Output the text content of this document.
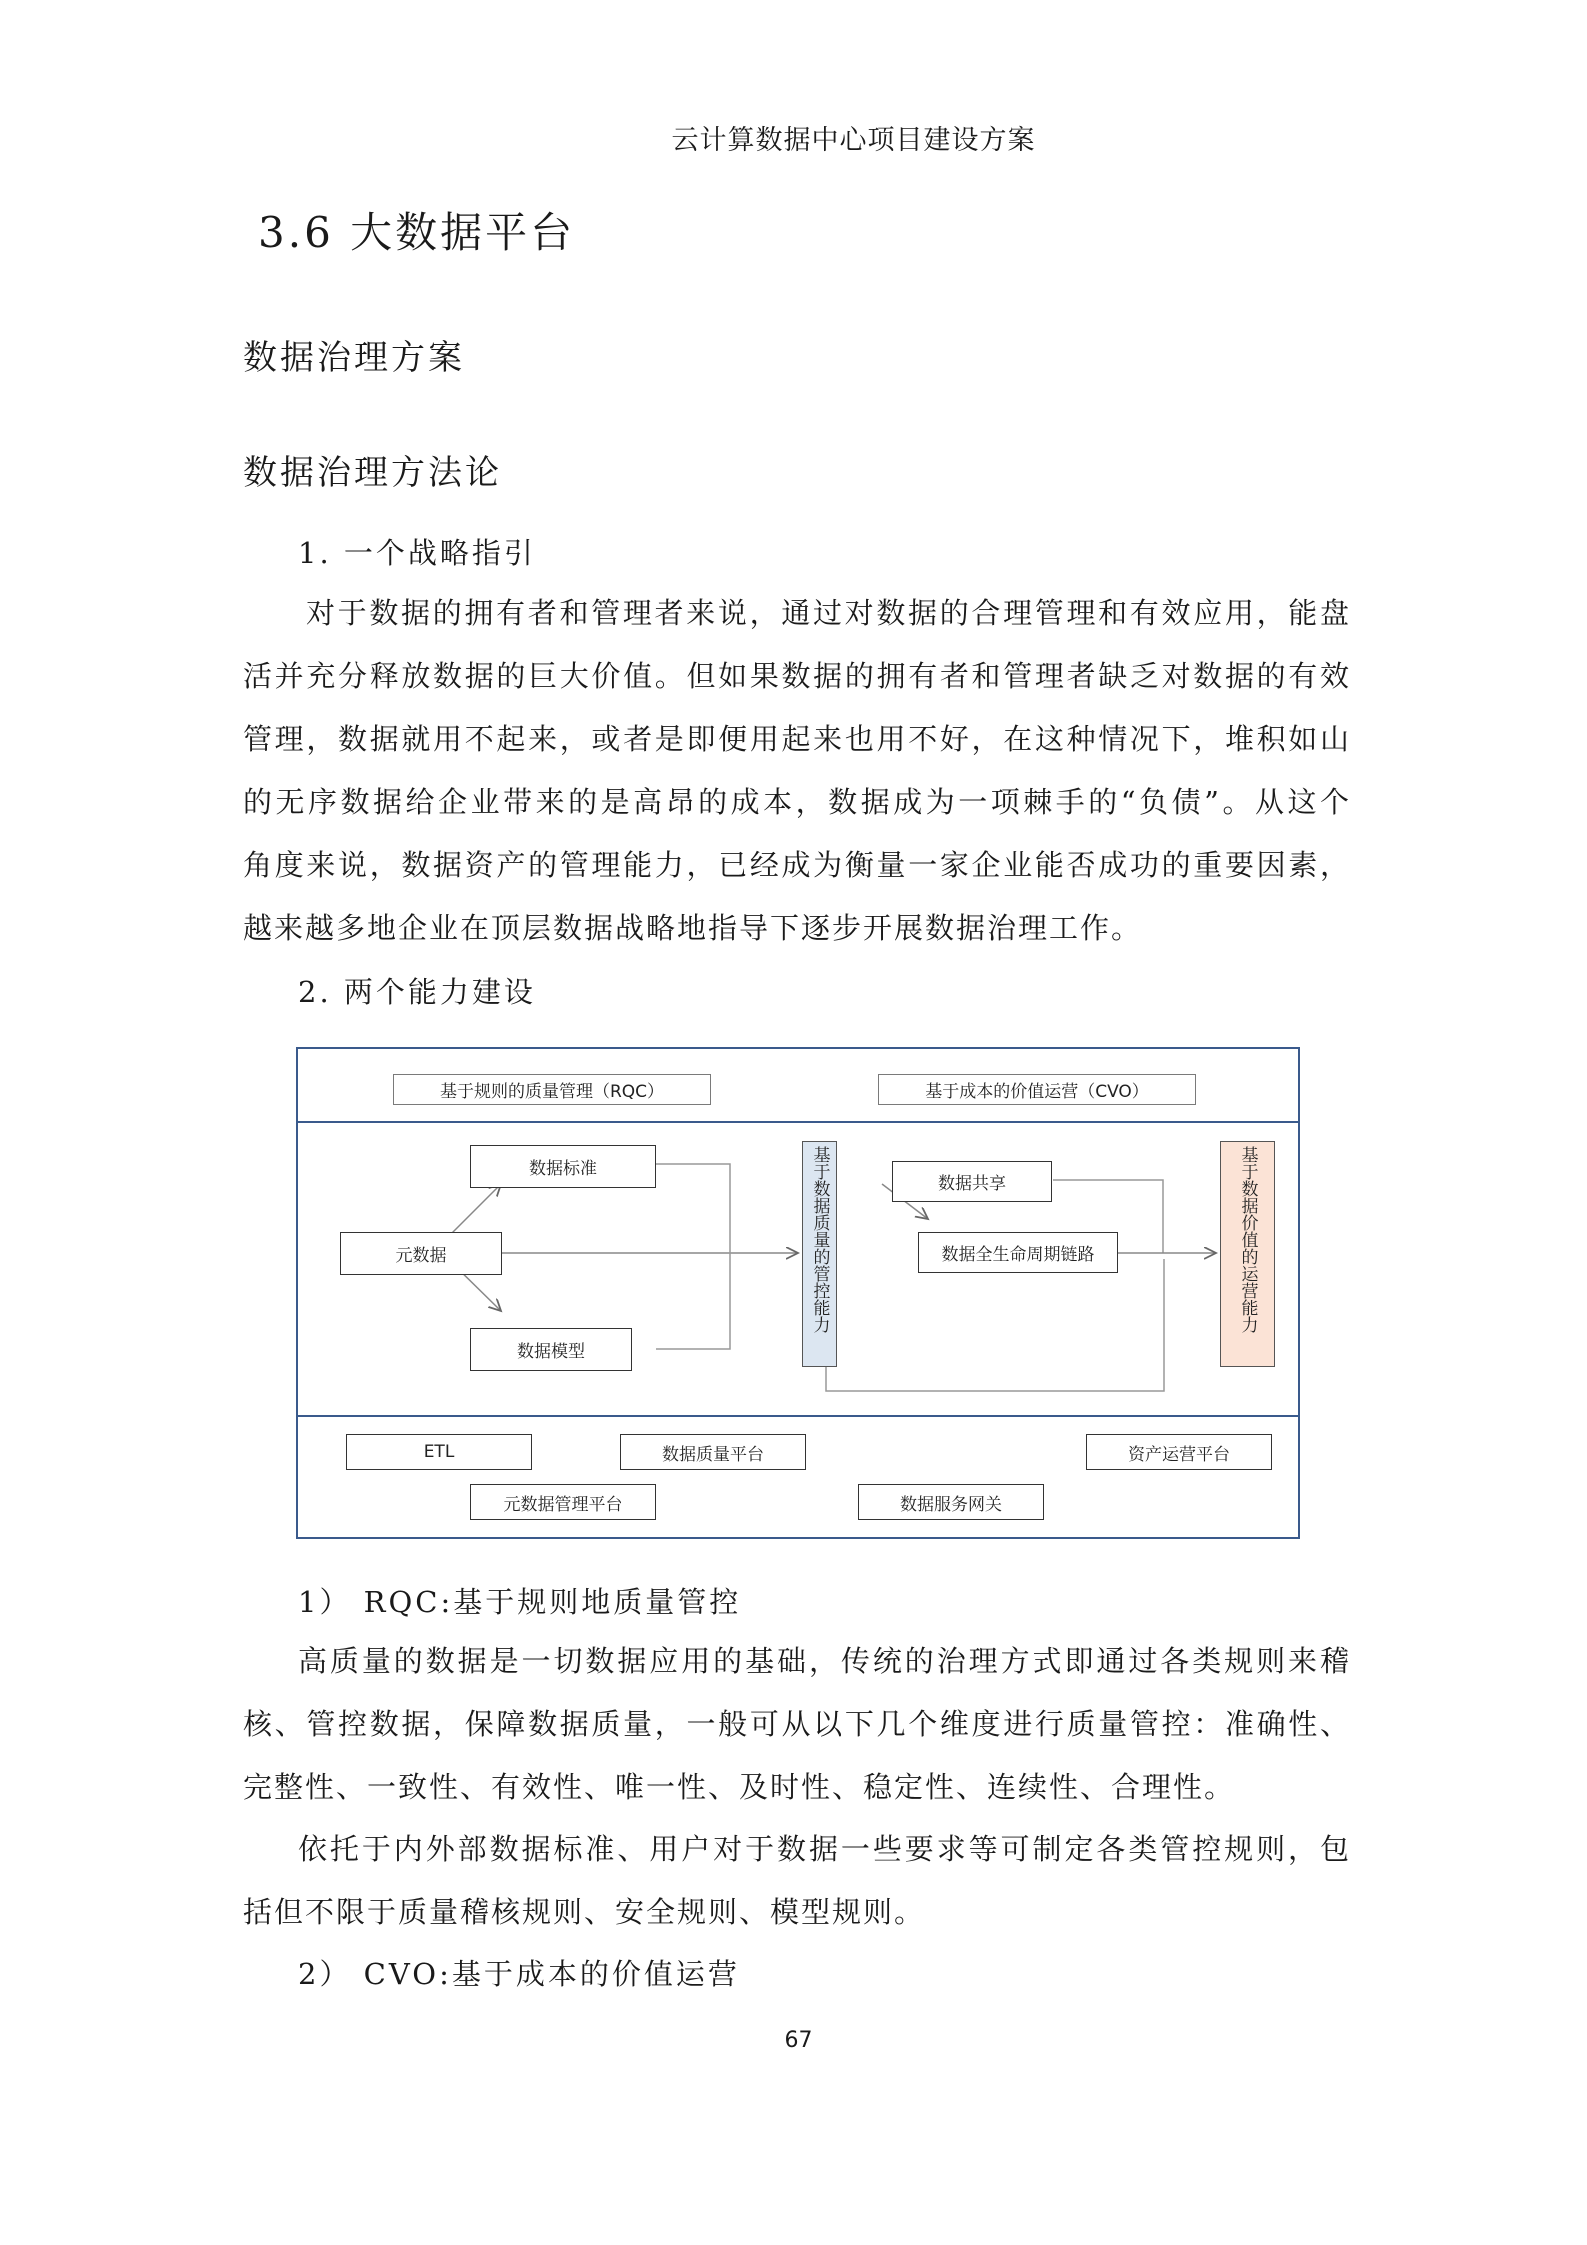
云计算数据中心项目建设方案
3.6 大数据平台
数据治理方案
数据治理方法论
1. 一个战略指引
对于数据的拥有者和管理者来说，通过对数据的合理管理和有效应用，能盘
活并充分释放数据的巨大价值。但如果数据的拥有者和管理者缺乏对数据的有效
管理，数据就用不起来，或者是即便用起来也用不好，在这种情况下，堆积如山
的无序数据给企业带来的是高昂的成本，数据成为一项棘手的“负债”。从这个
角度来说，数据资产的管理能力，已经成为衡量一家企业能否成功的重要因素，
越来越多地企业在顶层数据战略地指导下逐步开展数据治理工作。
2. 两个能力建设
基于规则的质量管理（RQC）	基于成本的价值运营（CVO）
数据标准
元数据
数据模型
基于数据质量的管控能力	数据共享
数据全生命周期链路	基于数据价值的运营能力
ETL	数据质量平台	资产运营平台
元数据管理平台	数据服务网关
1） RQC:基于规则地质量管控
高质量的数据是一切数据应用的基础，传统的治理方式即通过各类规则来稽
核、管控数据，保障数据质量，一般可从以下几个维度进行质量管控：准确性、
完整性、一致性、有效性、唯一性、及时性、稳定性、连续性、合理性。
依托于内外部数据标准、用户对于数据一些要求等可制定各类管控规则，包
括但不限于质量稽核规则、安全规则、模型规则。
2） CVO:基于成本的价值运营
67
